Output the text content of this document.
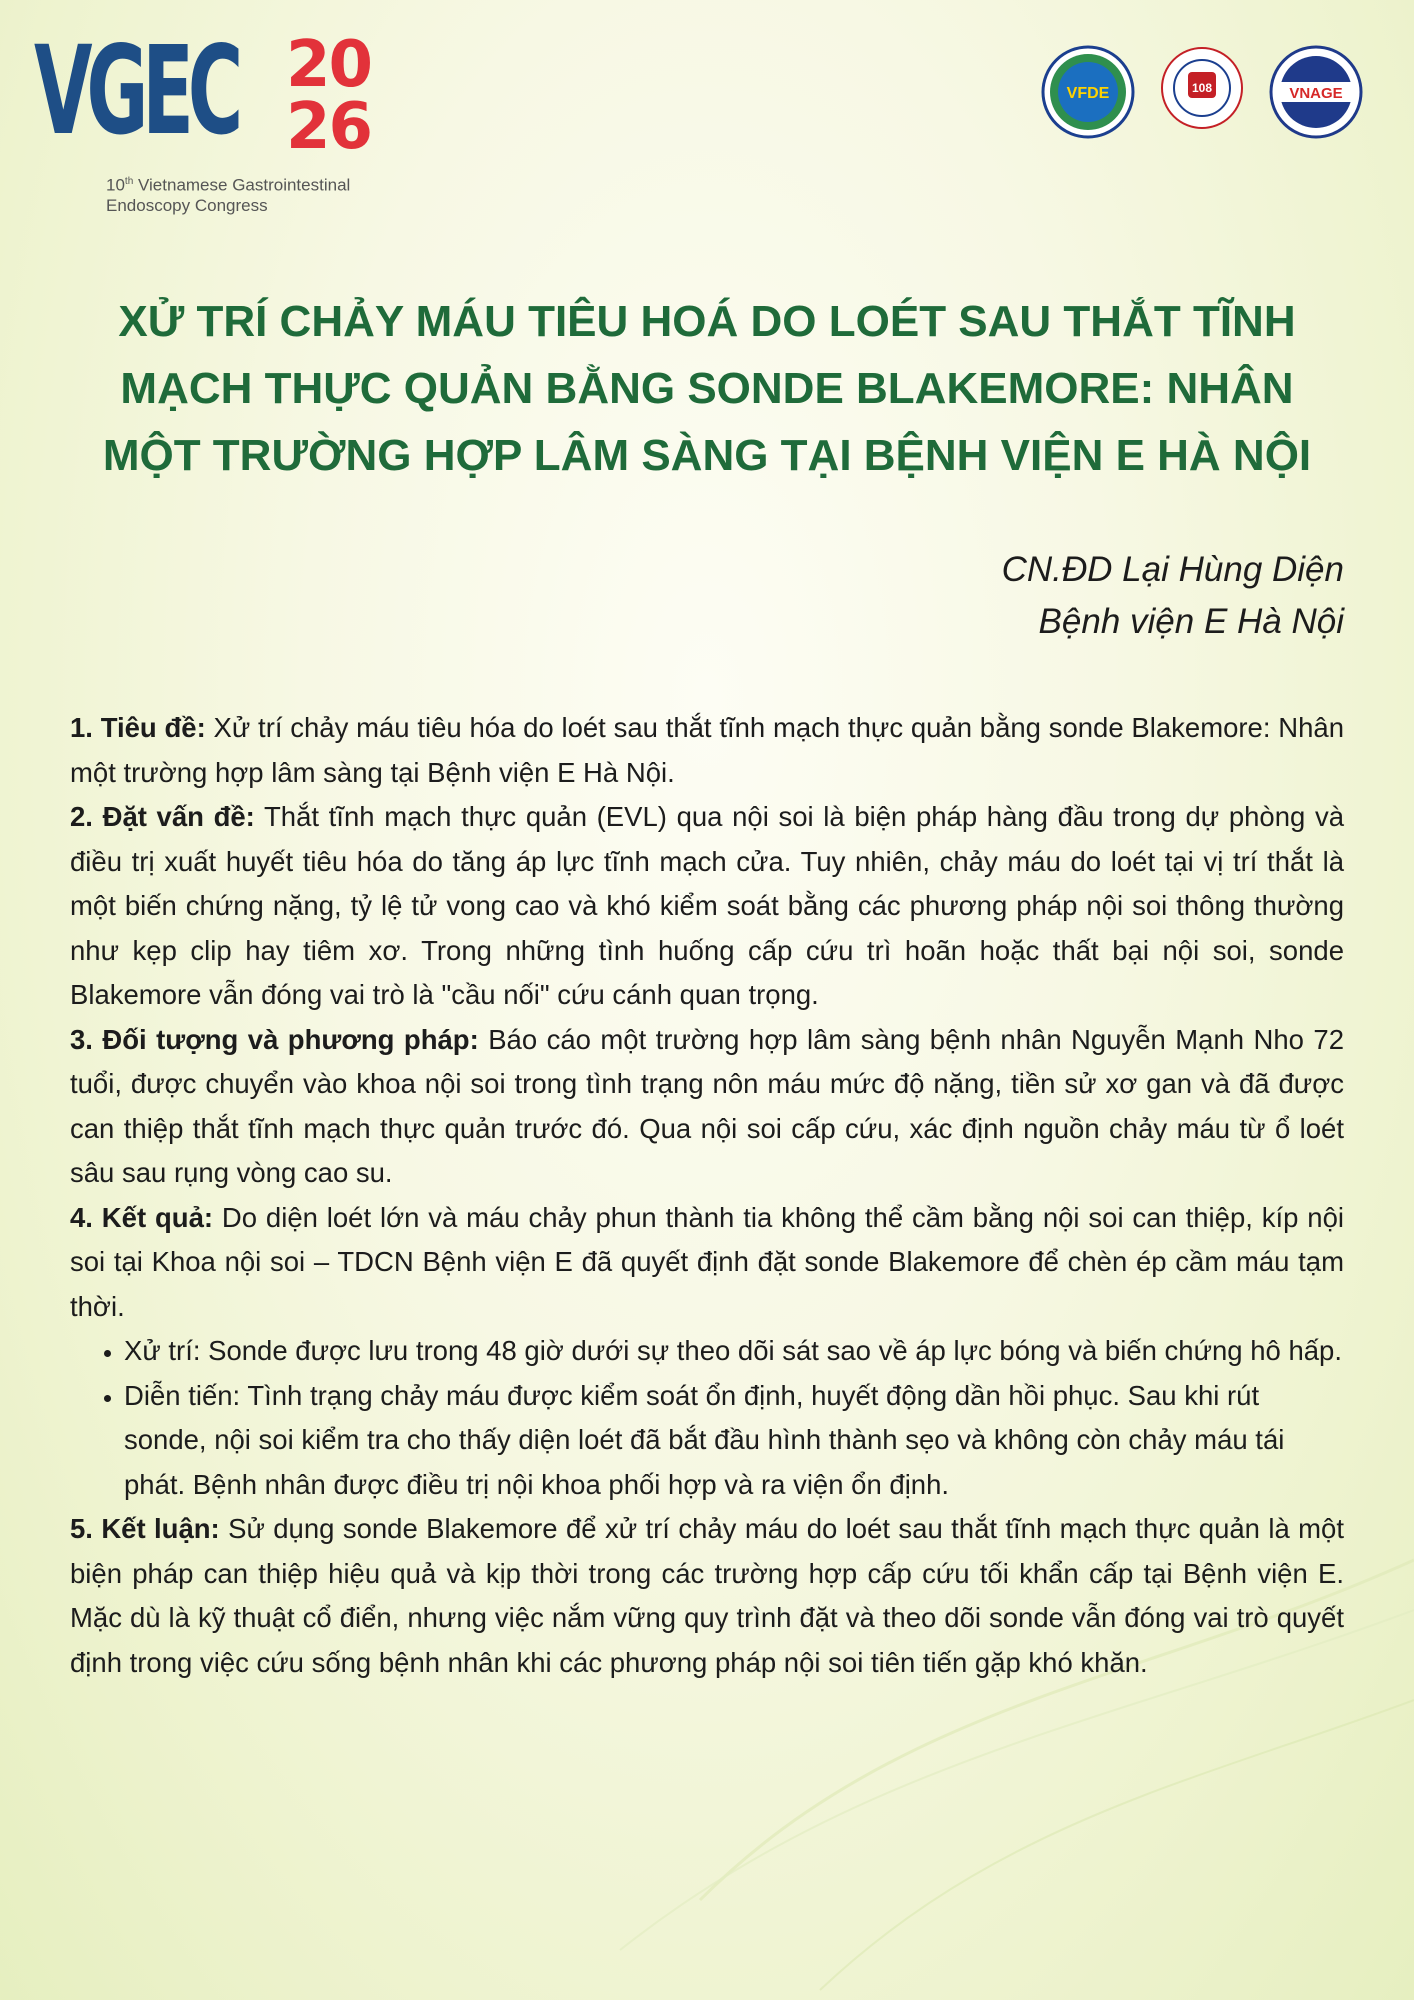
VGEC 20
26
10th Vietnamese Gastrointestinal
Endoscopy Congress
VFDE	108	VNAGE
XỬ TRÍ CHẢY MÁU TIÊU HOÁ DO LOÉT SAU THẮT TĨNH
MẠCH THỰC QUẢN BẰNG SONDE BLAKEMORE: NHÂN
MỘT TRƯỜNG HỢP LÂM SÀNG TẠI BỆNH VIỆN E HÀ NỘI
CN.ĐD Lại Hùng Diện
Bệnh viện E Hà Nội

1. Tiêu đề: Xử trí chảy máu tiêu hóa do loét sau thắt tĩnh mạch thực quản bằng sonde Blakemore: Nhân một trường hợp lâm sàng tại Bệnh viện E Hà Nội.

2. Đặt vấn đề: Thắt tĩnh mạch thực quản (EVL) qua nội soi là biện pháp hàng đầu trong dự phòng và điều trị xuất huyết tiêu hóa do tăng áp lực tĩnh mạch cửa. Tuy nhiên, chảy máu do loét tại vị trí thắt là một biến chứng nặng, tỷ lệ tử vong cao và khó kiểm soát bằng các phương pháp nội soi thông thường như kẹp clip hay tiêm xơ. Trong những tình huống cấp cứu trì hoãn hoặc thất bại nội soi, sonde Blakemore vẫn đóng vai trò là "cầu nối" cứu cánh quan trọng.

3. Đối tượng và phương pháp: Báo cáo một trường hợp lâm sàng bệnh nhân Nguyễn Mạnh Nho 72 tuổi, được chuyển vào khoa nội soi trong tình trạng nôn máu mức độ nặng, tiền sử xơ gan và đã được can thiệp thắt tĩnh mạch thực quản trước đó. Qua nội soi cấp cứu, xác định nguồn chảy máu từ ổ loét sâu sau rụng vòng cao su.

4. Kết quả: Do diện loét lớn và máu chảy phun thành tia không thể cầm bằng nội soi can thiệp, kíp nội soi tại Khoa nội soi – TDCN Bệnh viện E đã quyết định đặt sonde Blakemore để chèn ép cầm máu tạm thời.

• Xử trí: Sonde được lưu trong 48 giờ dưới sự theo dõi sát sao về áp lực bóng và biến chứng hô hấp.
• Diễn tiến: Tình trạng chảy máu được kiểm soát ổn định, huyết động dần hồi phục. Sau khi rút sonde, nội soi kiểm tra cho thấy diện loét đã bắt đầu hình thành sẹo và không còn chảy máu tái phát. Bệnh nhân được điều trị nội khoa phối hợp và ra viện ổn định.

5. Kết luận: Sử dụng sonde Blakemore để xử trí chảy máu do loét sau thắt tĩnh mạch thực quản là một biện pháp can thiệp hiệu quả và kịp thời trong các trường hợp cấp cứu tối khẩn cấp tại Bệnh viện E. Mặc dù là kỹ thuật cổ điển, nhưng việc nắm vững quy trình đặt và theo dõi sonde vẫn đóng vai trò quyết định trong việc cứu sống bệnh nhân khi các phương pháp nội soi tiên tiến gặp khó khăn.
